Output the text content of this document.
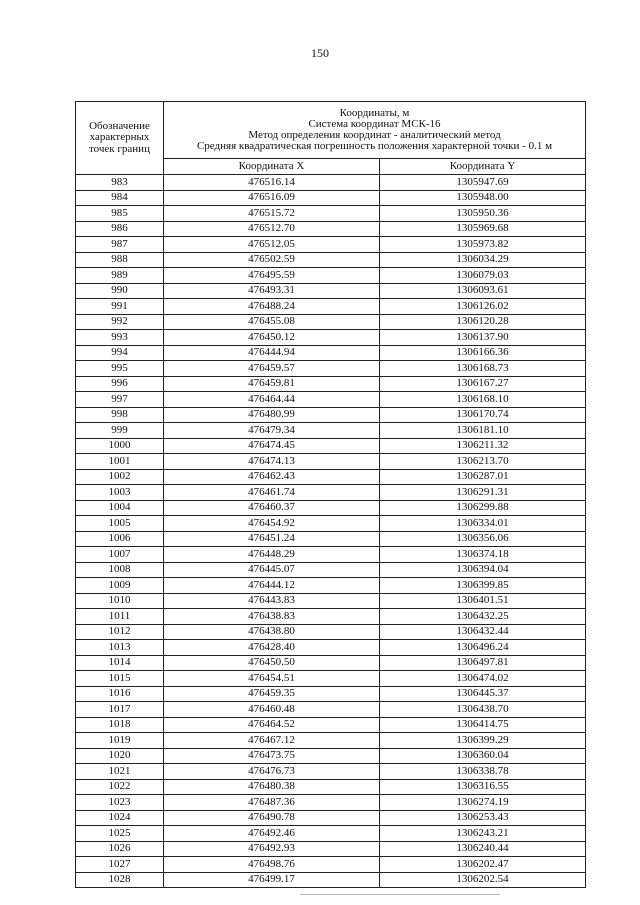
150
Обозначение
характерных
точек границ	Координаты, м
Система координат МСК-16
Метод определения координат - аналитический метод
Средняя квадратическая погрешность положения характерной точки - 0.1 м	
	Координата X	Координата Y
983	476516.14	1305947.69
984	476516.09	1305948.00
985	476515.72	1305950.36
986	476512.70	1305969.68
987	476512.05	1305973.82
988	476502.59	1306034.29
989	476495.59	1306079.03
990	476493.31	1306093.61
991	476488.24	1306126.02
992	476455.08	1306120.28
993	476450.12	1306137.90
994	476444.94	1306166.36
995	476459.57	1306168.73
996	476459.81	1306167.27
997	476464.44	1306168.10
998	476480.99	1306170.74
999	476479.34	1306181.10
1000	476474.45	1306211.32
1001	476474.13	1306213.70
1002	476462.43	1306287.01
1003	476461.74	1306291.31
1004	476460.37	1306299.88
1005	476454.92	1306334.01
1006	476451.24	1306356.06
1007	476448.29	1306374.18
1008	476445.07	1306394.04
1009	476444.12	1306399.85
1010	476443.83	1306401.51
1011	476438.83	1306432.25
1012	476438.80	1306432.44
1013	476428.40	1306496.24
1014	476450.50	1306497.81
1015	476454.51	1306474.02
1016	476459.35	1306445.37
1017	476460.48	1306438.70
1018	476464.52	1306414.75
1019	476467.12	1306399.29
1020	476473.75	1306360.04
1021	476476.73	1306338.78
1022	476480.38	1306316.55
1023	476487.36	1306274.19
1024	476490.78	1306253.43
1025	476492.46	1306243.21
1026	476492.93	1306240.44
1027	476498.76	1306202.47
1028	476499.17	1306202.54
